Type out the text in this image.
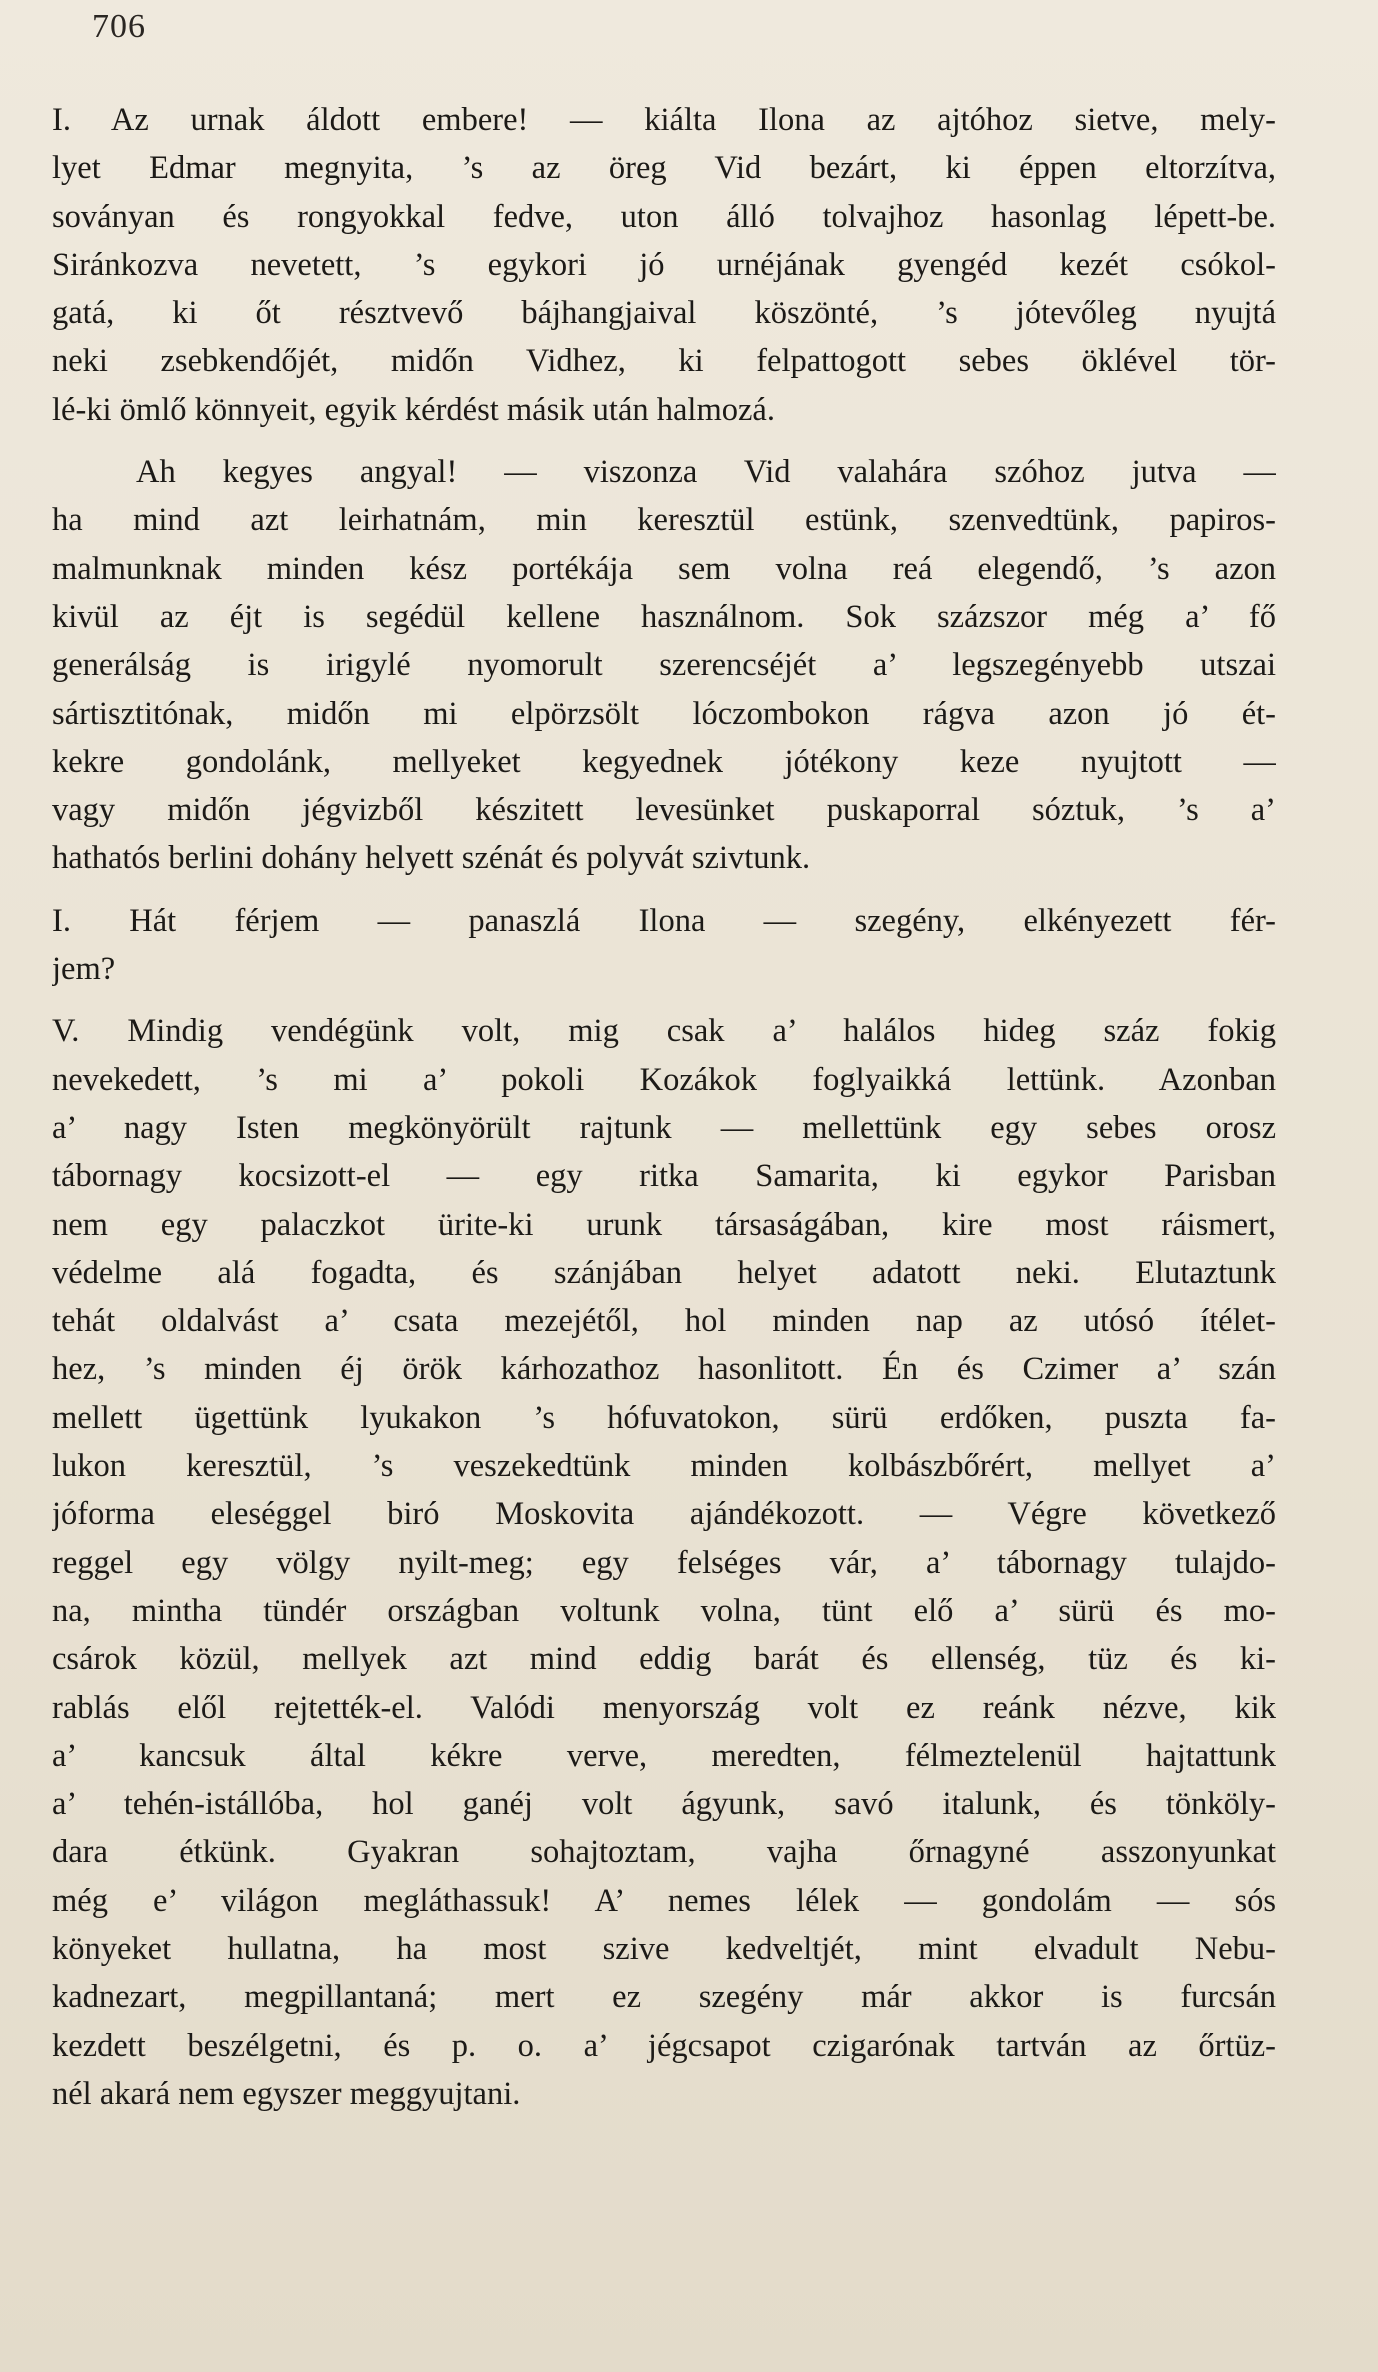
706

I. Az urnak áldott embere! — kiálta Ilona az ajtóhoz sietve, mely-
lyet Edmar megnyita, ’s az öreg Vid bezárt, ki éppen eltorzítva,
soványan és rongyokkal fedve, uton álló tolvajhoz hasonlag lépett-be.
Siránkozva nevetett, ’s egykori jó urnéjának gyengéd kezét csókol-
gatá, ki őt résztvevő bájhangjaival köszönté, ’s jótevőleg nyujtá
neki zsebkendőjét, midőn Vidhez, ki felpattogott sebes öklével tör-
lé-ki ömlő könnyeit, egyik kérdést másik után halmozá.

Ah kegyes angyal! — viszonza Vid valahára szóhoz jutva —
ha mind azt leirhatnám, min keresztül estünk, szenvedtünk, papiros-
malmunknak minden kész portékája sem volna reá elegendő, ’s azon
kivül az éjt is segédül kellene használnom. Sok százszor még a’ fő
generálság is irigylé nyomorult szerencséjét a’ legszegényebb utszai
sártisztitónak, midőn mi elpörzsölt lóczombokon rágva azon jó ét-
kekre gondolánk, mellyeket kegyednek jótékony keze nyujtott —
vagy midőn jégvizből készitett levesünket puskaporral sóztuk, ’s a’
hathatós berlini dohány helyett szénát és polyvát szivtunk.

I. Hát férjem — panaszlá Ilona — szegény, elkényezett fér-
jem?

V. Mindig vendégünk volt, mig csak a’ halálos hideg száz fokig
nevekedett, ’s mi a’ pokoli Kozákok foglyaikká lettünk. Azonban
a’ nagy Isten megkönyörült rajtunk — mellettünk egy sebes orosz
tábornagy kocsizott-el — egy ritka Samarita, ki egykor Parisban
nem egy palaczkot ürite-ki urunk társaságában, kire most ráismert,
védelme alá fogadta, és szánjában helyet adatott neki. Elutaztunk
tehát oldalvást a’ csata mezejétől, hol minden nap az utósó ítélet-
hez, ’s minden éj örök kárhozathoz hasonlitott. Én és Czimer a’ szán
mellett ügettünk lyukakon ’s hófuvatokon, sürü erdőken, puszta fa-
lukon keresztül, ’s veszekedtünk minden kolbászbőrért, mellyet a’
jóforma eleséggel biró Moskovita ajándékozott. — Végre következő
reggel egy völgy nyilt-meg; egy felséges vár, a’ tábornagy tulajdo-
na, mintha tündér országban voltunk volna, tünt elő a’ sürü és mo-
csárok közül, mellyek azt mind eddig barát és ellenség, tüz és ki-
rablás elől rejtették-el. Valódi menyország volt ez reánk nézve, kik
a’ kancsuk által kékre verve, meredten, félmeztelenül hajtattunk
a’ tehén-istállóba, hol ganéj volt ágyunk, savó italunk, és tönköly-
dara étkünk. Gyakran sohajtoztam, vajha őrnagyné asszonyunkat
még e’ világon megláthassuk! A’ nemes lélek — gondolám — sós
könyeket hullatna, ha most szive kedveltjét, mint elvadult Nebu-
kadnezart, megpillantaná; mert ez szegény már akkor is furcsán
kezdett beszélgetni, és p. o. a’ jégcsapot czigarónak tartván az őrtüz-
nél akará nem egyszer meggyujtani.
